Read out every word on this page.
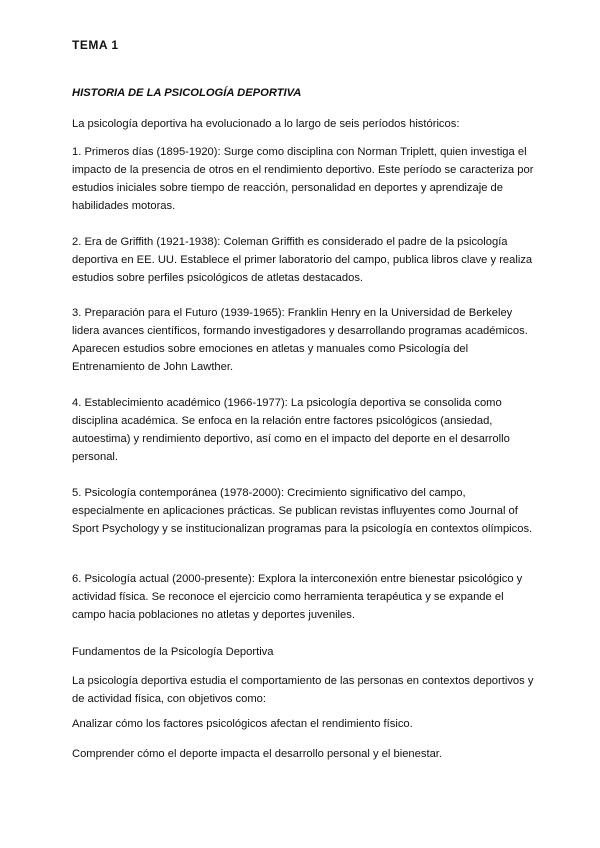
TEMA 1

HISTORIA DE LA PSICOLOGÍA DEPORTIVA

La psicología deportiva ha evolucionado a lo largo de seis períodos históricos:

1. Primeros días (1895-1920): Surge como disciplina con Norman Triplett, quien investiga el impacto de la presencia de otros en el rendimiento deportivo. Este período se caracteriza por estudios iniciales sobre tiempo de reacción, personalidad en deportes y aprendizaje de habilidades motoras.

2. Era de Griffith (1921-1938): Coleman Griffith es considerado el padre de la psicología deportiva en EE. UU. Establece el primer laboratorio del campo, publica libros clave y realiza estudios sobre perfiles psicológicos de atletas destacados.

3. Preparación para el Futuro (1939-1965): Franklin Henry en la Universidad de Berkeley lidera avances científicos, formando investigadores y desarrollando programas académicos. Aparecen estudios sobre emociones en atletas y manuales como Psicología del Entrenamiento de John Lawther.

4. Establecimiento académico (1966-1977): La psicología deportiva se consolida como disciplina académica. Se enfoca en la relación entre factores psicológicos (ansiedad, autoestima) y rendimiento deportivo, así como en el impacto del deporte en el desarrollo personal.

5. Psicología contemporánea (1978-2000): Crecimiento significativo del campo, especialmente en aplicaciones prácticas. Se publican revistas influyentes como Journal of Sport Psychology y se institucionalizan programas para la psicología en contextos olímpicos.

6. Psicología actual (2000-presente): Explora la interconexión entre bienestar psicológico y actividad física. Se reconoce el ejercicio como herramienta terapéutica y se expande el campo hacia poblaciones no atletas y deportes juveniles.

Fundamentos de la Psicología Deportiva

La psicología deportiva estudia el comportamiento de las personas en contextos deportivos y de actividad física, con objetivos como:

Analizar cómo los factores psicológicos afectan el rendimiento físico.

Comprender cómo el deporte impacta el desarrollo personal y el bienestar.
